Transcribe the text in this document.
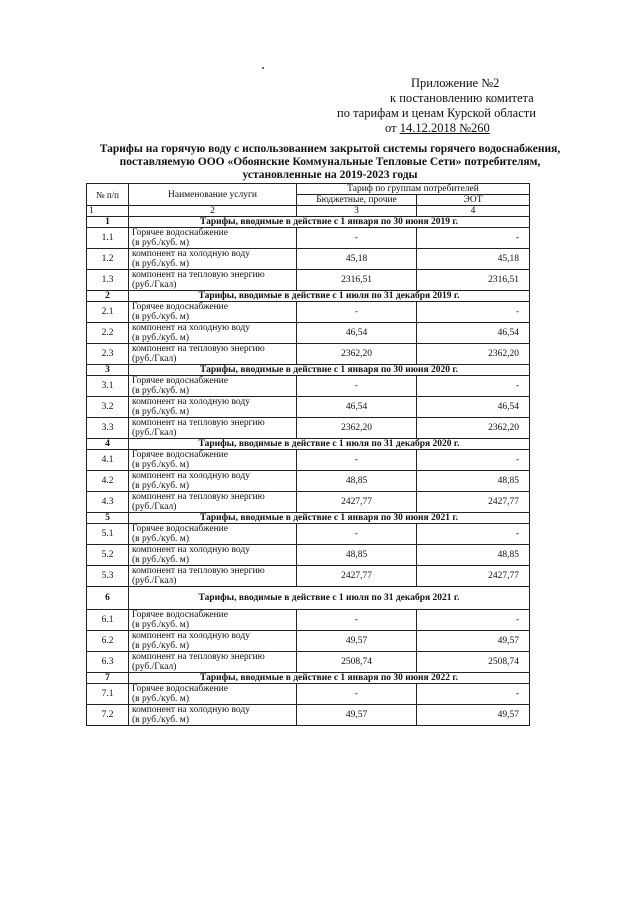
Приложение №2
к постановлению комитета
по тарифам и ценам Курской области
от 14.12.2018 №260
Тарифы на горячую воду с использованием закрытой системы горячего водоснабжения,
поставляемую ООО «Обоянские Коммунальные Тепловые Сети» потребителям,
установленные на 2019-2023 годы
№ п/п	Наименование услуги	Тариф по группам потребителей	
		Бюджетные, прочие	ЭОТ
1	2	3	4
1	Тарифы, вводимые в действие с 1 января по 30 июня 2019 г.		
1.1	Горячее водоснабжение
(в руб./куб. м)	-	-
1.2	компонент на холодную воду
(в руб./куб. м)	45,18	45,18
1.3	компонент на тепловую энергию
(руб./Гкал)	2316,51	2316,51
2	Тарифы, вводимые в действие с 1 июля по 31 декабря 2019 г.		
2.1	Горячее водоснабжение
(в руб./куб. м)	-	-
2.2	компонент на холодную воду
(в руб./куб. м)	46,54	46,54
2.3	компонент на тепловую энергию
(руб./Гкал)	2362,20	2362,20
3	Тарифы, вводимые в действие с 1 января по 30 июня 2020 г.		
3.1	Горячее водоснабжение
(в руб./куб. м)	-	-
3.2	компонент на холодную воду
(в руб./куб. м)	46,54	46,54
3.3	компонент на тепловую энергию
(руб./Гкал)	2362,20	2362,20
4	Тарифы, вводимые в действие с 1 июля по 31 декабря 2020 г.		
4.1	Горячее водоснабжение
(в руб./куб. м)	-	-
4.2	компонент на холодную воду
(в руб./куб. м)	48,85	48,85
4.3	компонент на тепловую энергию
(руб./Гкал)	2427,77	2427,77
5	Тарифы, вводимые в действие с 1 января по 30 июня 2021 г.		
5.1	Горячее водоснабжение
(в руб./куб. м)	-	-
5.2	компонент на холодную воду
(в руб./куб. м)	48,85	48,85
5.3	компонент на тепловую энергию
(руб./Гкал)	2427,77	2427,77
6	Тарифы, вводимые в действие с 1 июля по 31 декабря 2021 г.		
6.1	Горячее водоснабжение
(в руб./куб. м)	-	-
6.2	компонент на холодную воду
(в руб./куб. м)	49,57	49,57
6.3	компонент на тепловую энергию
(руб./Гкал)	2508,74	2508,74
7	Тарифы, вводимые в действие с 1 января по 30 июня 2022 г.		
7.1	Горячее водоснабжение
(в руб./куб. м)	-	-
7.2	компонент на холодную воду
(в руб./куб. м)	49,57	49,57
